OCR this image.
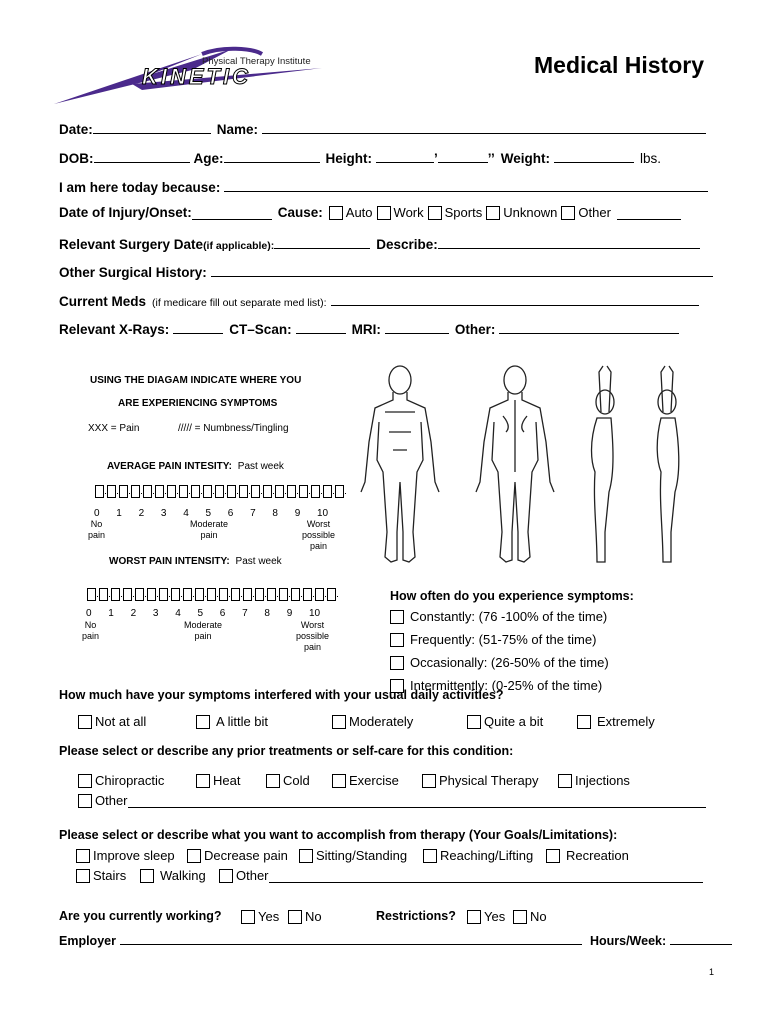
Physical Therapy Institute
KINETIC	Medical History
Date:	Name:
DOB:	Age:	Height:	’	’’ Weight:	lbs.
I am here today because:
Date of Injury/Onset:	Cause: Auto Work Sports Unknown Other
Relevant Surgery Date (if applicable):	Describe:
Other Surgical History:
Current Meds (if medicare fill out separate med list):
Relevant X-Rays:	CT–Scan:	MRI:	Other:
USING THE DIAGAM INDICATE WHERE YOU
ARE EXPERIENCING SYMPTOMS
XXX = Pain	///// = Numbness/Tingling
AVERAGE PAIN INTESITY: Past week
0 1 2 3 4 5 6 7 8 9 10
No
pain
Moderate
pain
Worst
possible
pain
WORST PAIN INTENSITY: Past week
0 1 2 3 4 5 6 7 8 9 10
No
pain
Moderate
pain
Worst
possible
pain
How often do you experience symptoms:
Constantly: (76 -100% of the time)

Frequently: (51-75% of the time)

Occasionally: (26-50% of the time)

Intermittently: (0-25% of the time)
How much have your symptoms interfered with your usual daily activities?
Not at all	A little bit	Moderately	Quite a bit	Extremely
Please select or describe any prior treatments or self-care for this condition:
Chiropractic	Heat	Cold	Exercise	Physical Therapy	Injections
Other
Please select or describe what you want to accomplish from therapy (Your Goals/Limitations):
Improve sleep Decrease pain Sitting/Standing	Reaching/Lifting	Recreation
Stairs	Walking Other
Are you currently working?	Yes No	Restrictions? Yes No
Employer	Hours/Week:
1
